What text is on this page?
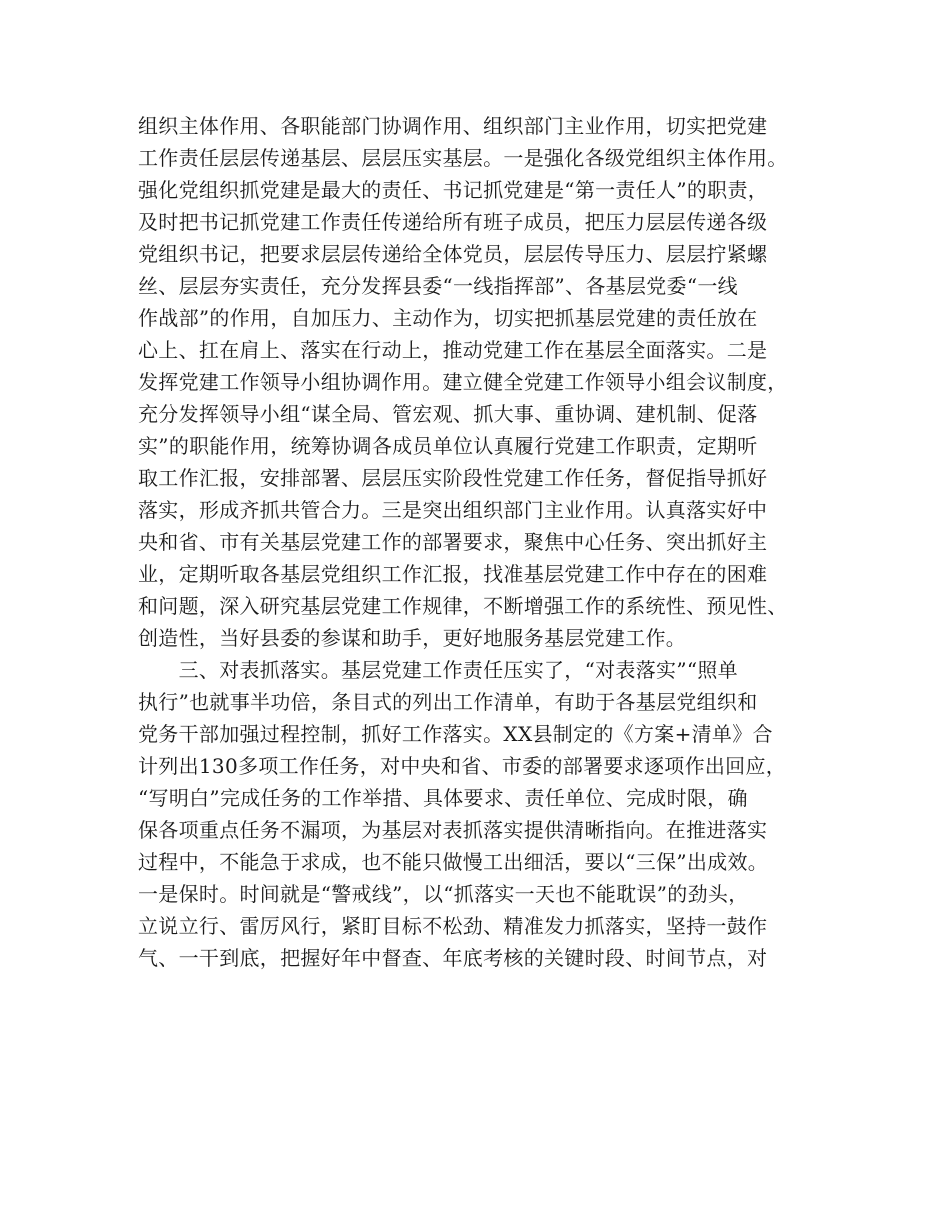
组织主体作用、各职能部门协调作用、组织部门主业作用，切实把党建
工作责任层层传递基层、层层压实基层。一是强化各级党组织主体作用。
强化党组织抓党建是最大的责任、书记抓党建是“第一责任人”的职责，
及时把书记抓党建工作责任传递给所有班子成员，把压力层层传递各级
党组织书记，把要求层层传递给全体党员，层层传导压力、层层拧紧螺
丝、层层夯实责任，充分发挥县委“一线指挥部”、各基层党委“一线
作战部”的作用，自加压力、主动作为，切实把抓基层党建的责任放在
心上、扛在肩上、落实在行动上，推动党建工作在基层全面落实。二是
发挥党建工作领导小组协调作用。建立健全党建工作领导小组会议制度，
充分发挥领导小组“谋全局、管宏观、抓大事、重协调、建机制、促落
实”的职能作用，统筹协调各成员单位认真履行党建工作职责，定期听
取工作汇报，安排部署、层层压实阶段性党建工作任务，督促指导抓好
落实，形成齐抓共管合力。三是突出组织部门主业作用。认真落实好中
央和省、市有关基层党建工作的部署要求，聚焦中心任务、突出抓好主
业，定期听取各基层党组织工作汇报，找准基层党建工作中存在的困难
和问题，深入研究基层党建工作规律，不断增强工作的系统性、预见性、
创造性，当好县委的参谋和助手，更好地服务基层党建工作。
　　三、对表抓落实。基层党建工作责任压实了，“对表落实”“照单
执行”也就事半功倍，条目式的列出工作清单，有助于各基层党组织和
党务干部加强过程控制，抓好工作落实。XX县制定的《方案+清单》合
计列出130多项工作任务，对中央和省、市委的部署要求逐项作出回应，
“写明白”完成任务的工作举措、具体要求、责任单位、完成时限，确
保各项重点任务不漏项，为基层对表抓落实提供清晰指向。在推进落实
过程中，不能急于求成，也不能只做慢工出细活，要以“三保”出成效。
一是保时。时间就是“警戒线”，以“抓落实一天也不能耽误”的劲头，
立说立行、雷厉风行，紧盯目标不松劲、精准发力抓落实，坚持一鼓作
气、一干到底，把握好年中督查、年底考核的关键时段、时间节点，对
